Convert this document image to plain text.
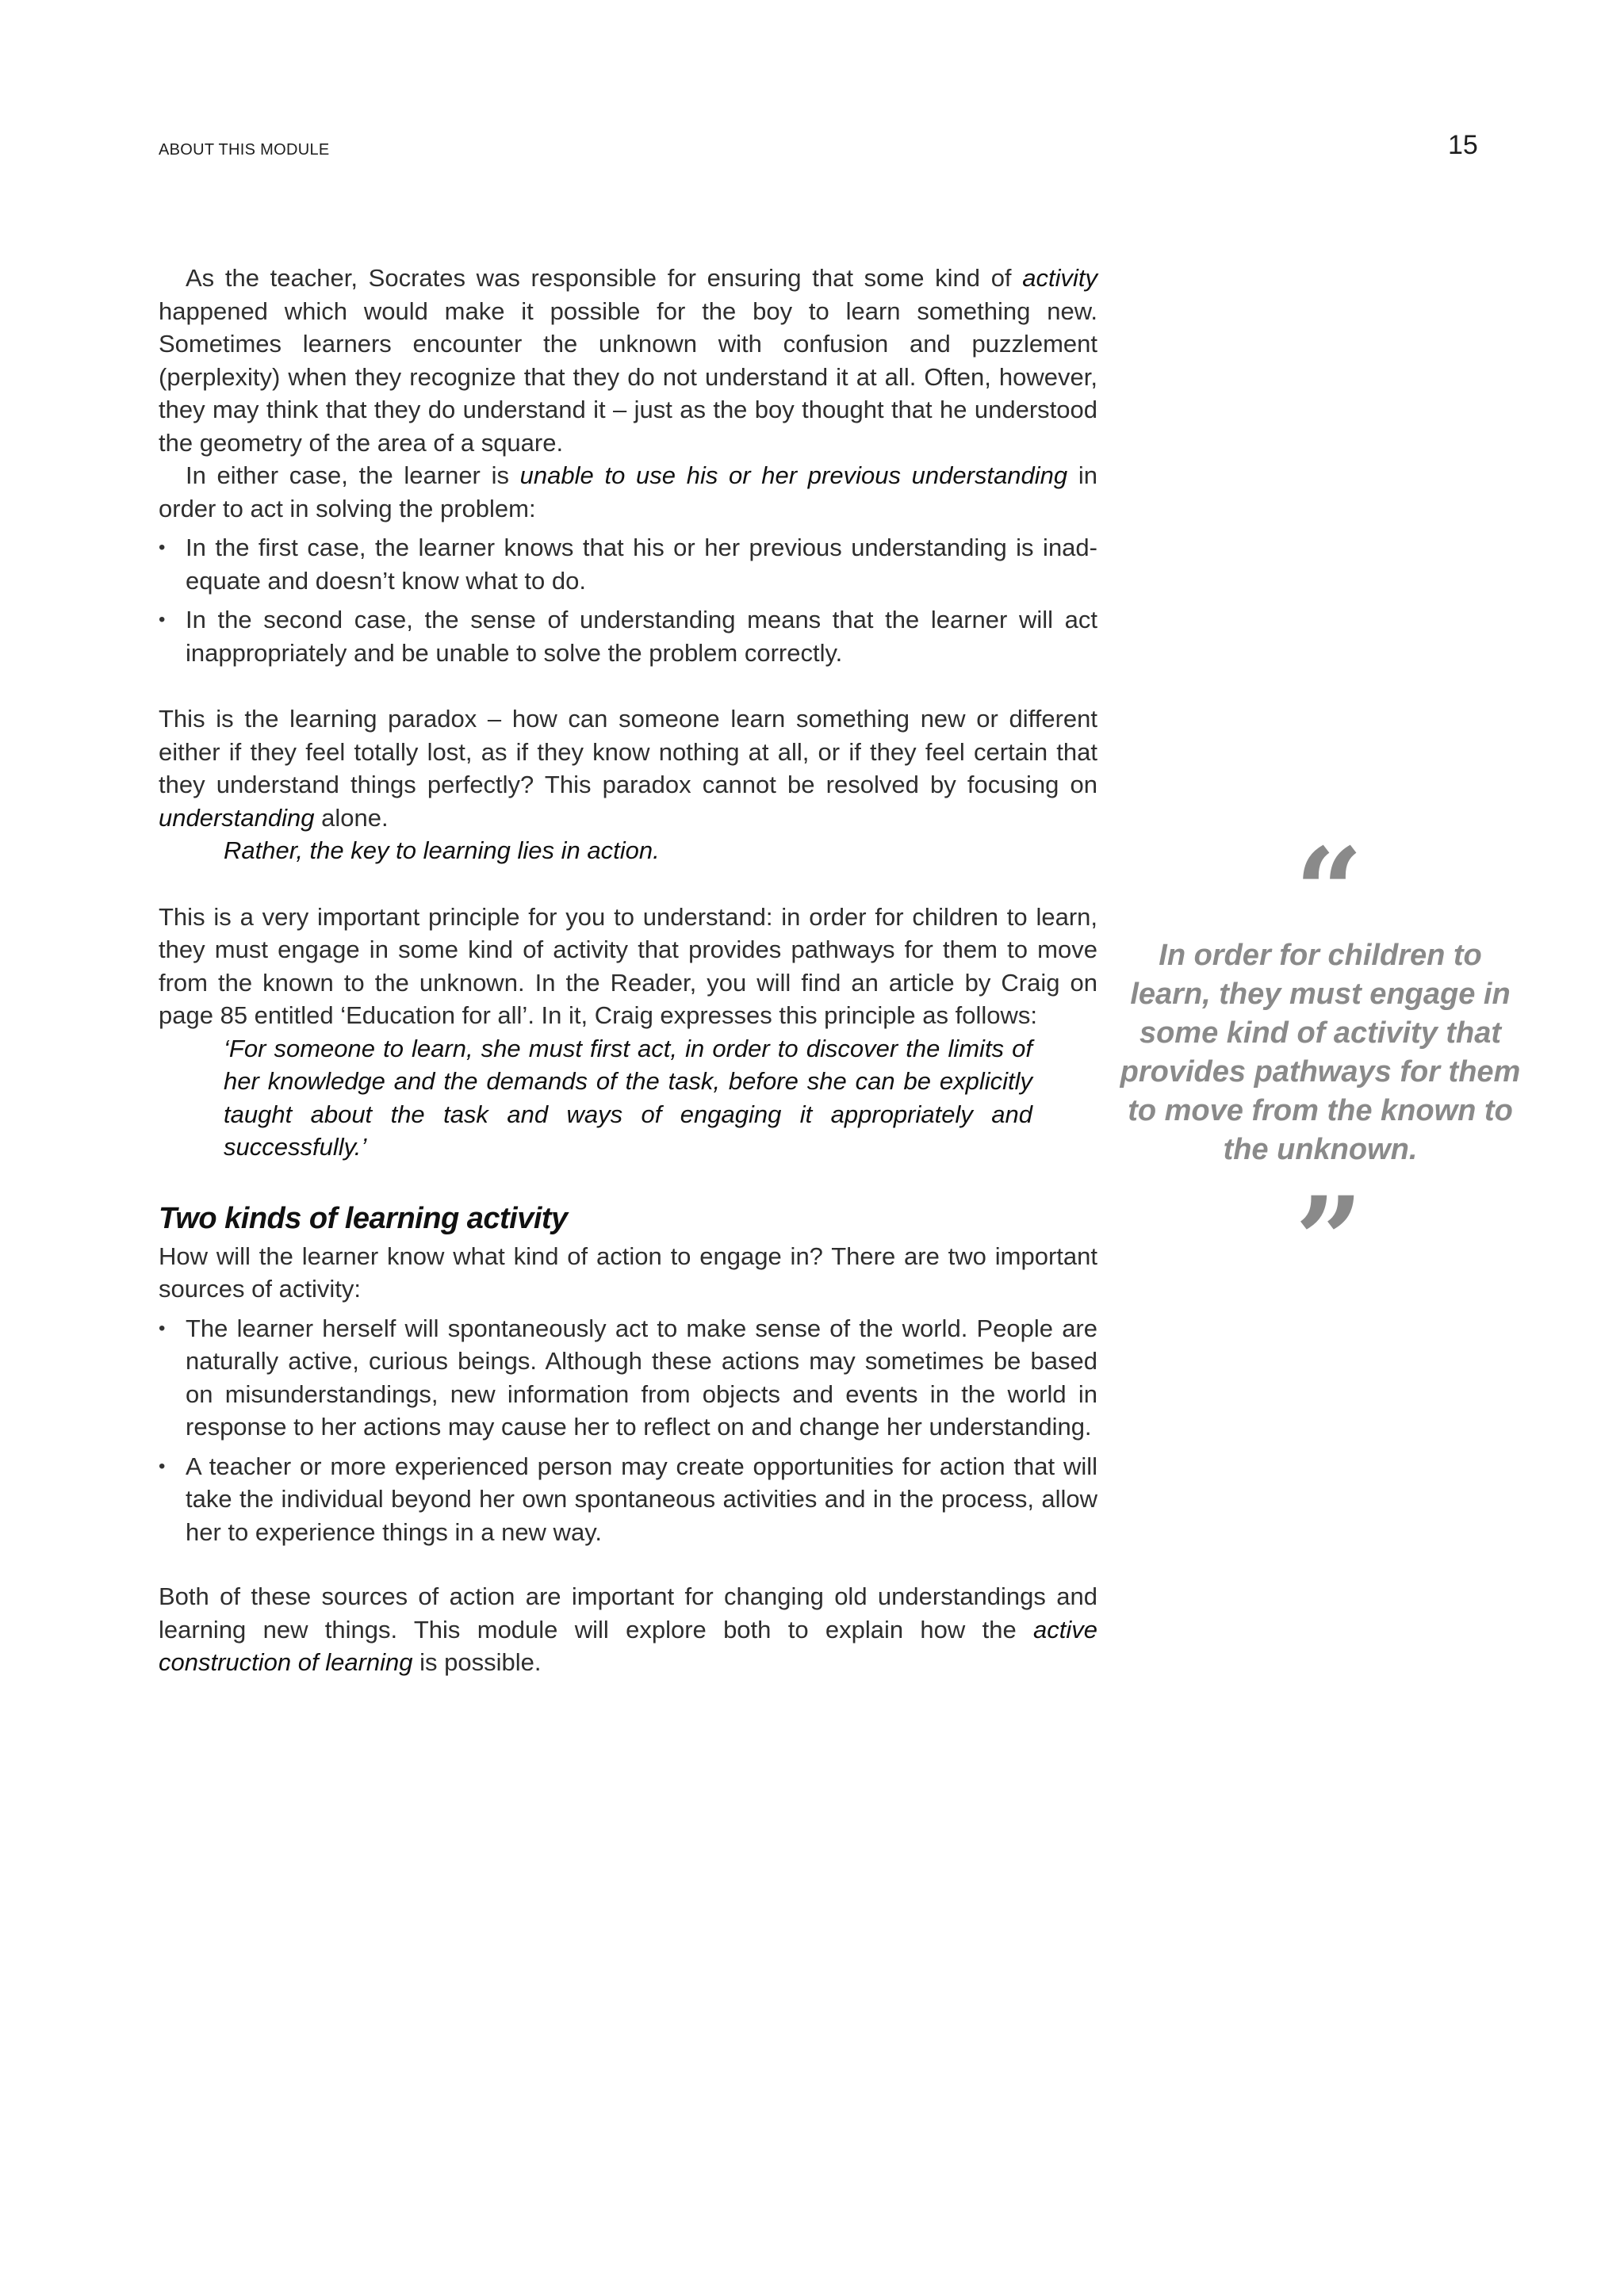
ABOUT THIS MODULE	15

As the teacher, Socrates was responsible for ensuring that some kind of activity happened which would make it possible for the boy to learn something new. Sometimes learners encounter the unknown with confusion and puzzlement (perplexity) when they recognize that they do not understand it at all. Often, however, they may think that they do understand it – just as the boy thought that he understood the geometry of the area of a square.

In either case, the learner is unable to use his or her previous understanding in order to act in solving the problem:

• In the first case, the learner knows that his or her previous understanding is inadequate and doesn’t know what to do.
• In the second case, the sense of understanding means that the learner will act inappropriately and be unable to solve the problem correctly.

This is the learning paradox – how can someone learn something new or different either if they feel totally lost, as if they know nothing at all, or if they feel certain that they understand things perfectly? This paradox cannot be resolved by focusing on understanding alone.

Rather, the key to learning lies in action.

This is a very important principle for you to understand: in order for children to learn, they must engage in some kind of activity that provides pathways for them to move from the known to the unknown. In the Reader, you will find an article by Craig on page 85 entitled ‘Education for all’. In it, Craig expresses this principle as follows:

‘For someone to learn, she must first act, in order to discover the limits of her knowledge and the demands of the task, before she can be explicitly taught about the task and ways of engaging it appropriately and successfully.’

Two kinds of learning activity

How will the learner know what kind of action to engage in? There are two important sources of activity:

• The learner herself will spontaneously act to make sense of the world. People are naturally active, curious beings. Although these actions may sometimes be based on misunderstandings, new information from objects and events in the world in response to her actions may cause her to reflect on and change her understanding.
• A teacher or more experienced person may create opportunities for action that will take the individual beyond her own spontaneous activities and in the process, allow her to experience things in a new way.

Both of these sources of action are important for changing old understandings and learning new things. This module will explore both to explain how the active construction of learning is possible.

“
In order for children to learn, they must engage in some kind of activity that provides pathways for them to move from the known to the unknown.
”
